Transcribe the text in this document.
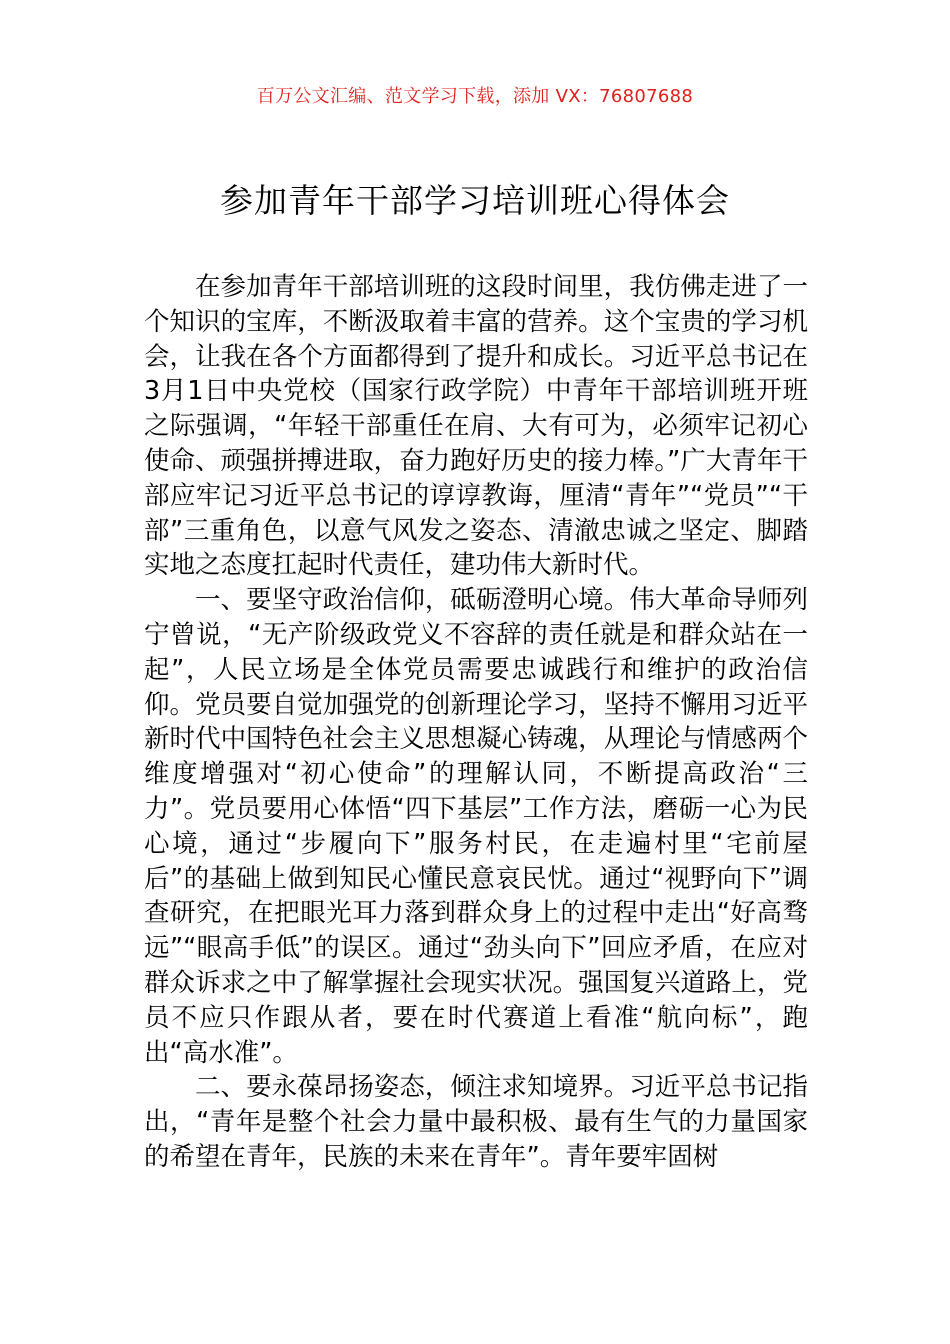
百万公文汇编、范文学习下载，添加 VX：76807688
参加青年干部学习培训班心得体会

在参加青年干部培训班的这段时间里，我仿佛走进了一个知识的宝库，不断汲取着丰富的营养。这个宝贵的学习机会，让我在各个方面都得到了提升和成长。习近平总书记在3月1日中央党校（国家行政学院）中青年干部培训班开班之际强调，“年轻干部重任在肩、大有可为，必须牢记初心使命、顽强拼搏进取，奋力跑好历史的接力棒。”广大青年干部应牢记习近平总书记的谆谆教诲，厘清“青年”“党员”“干部”三重角色，以意气风发之姿态、清澈忠诚之坚定、脚踏实地之态度扛起时代责任，建功伟大新时代。

一、要坚守政治信仰，砥砺澄明心境。伟大革命导师列宁曾说，“无产阶级政党义不容辞的责任就是和群众站在一起”，人民立场是全体党员需要忠诚践行和维护的政治信仰。党员要自觉加强党的创新理论学习，坚持不懈用习近平新时代中国特色社会主义思想凝心铸魂，从理论与情感两个维度增强对“初心使命”的理解认同，不断提高政治“三力”。党员要用心体悟“四下基层”工作方法，磨砺一心为民心境，通过“步履向下”服务村民，在走遍村里“宅前屋后”的基础上做到知民心懂民意哀民忧。通过“视野向下”调查研究，在把眼光耳力落到群众身上的过程中走出“好高骛远”“眼高手低”的误区。通过“劲头向下”回应矛盾，在应对群众诉求之中了解掌握社会现实状况。强国复兴道路上，党员不应只作跟从者，要在时代赛道上看准“航向标”，跑出“高水准”。

二、要永葆昂扬姿态，倾注求知境界。习近平总书记指出，“青年是整个社会力量中最积极、最有生气的力量国家的希望在青年，民族的未来在青年”。青年要牢固树
